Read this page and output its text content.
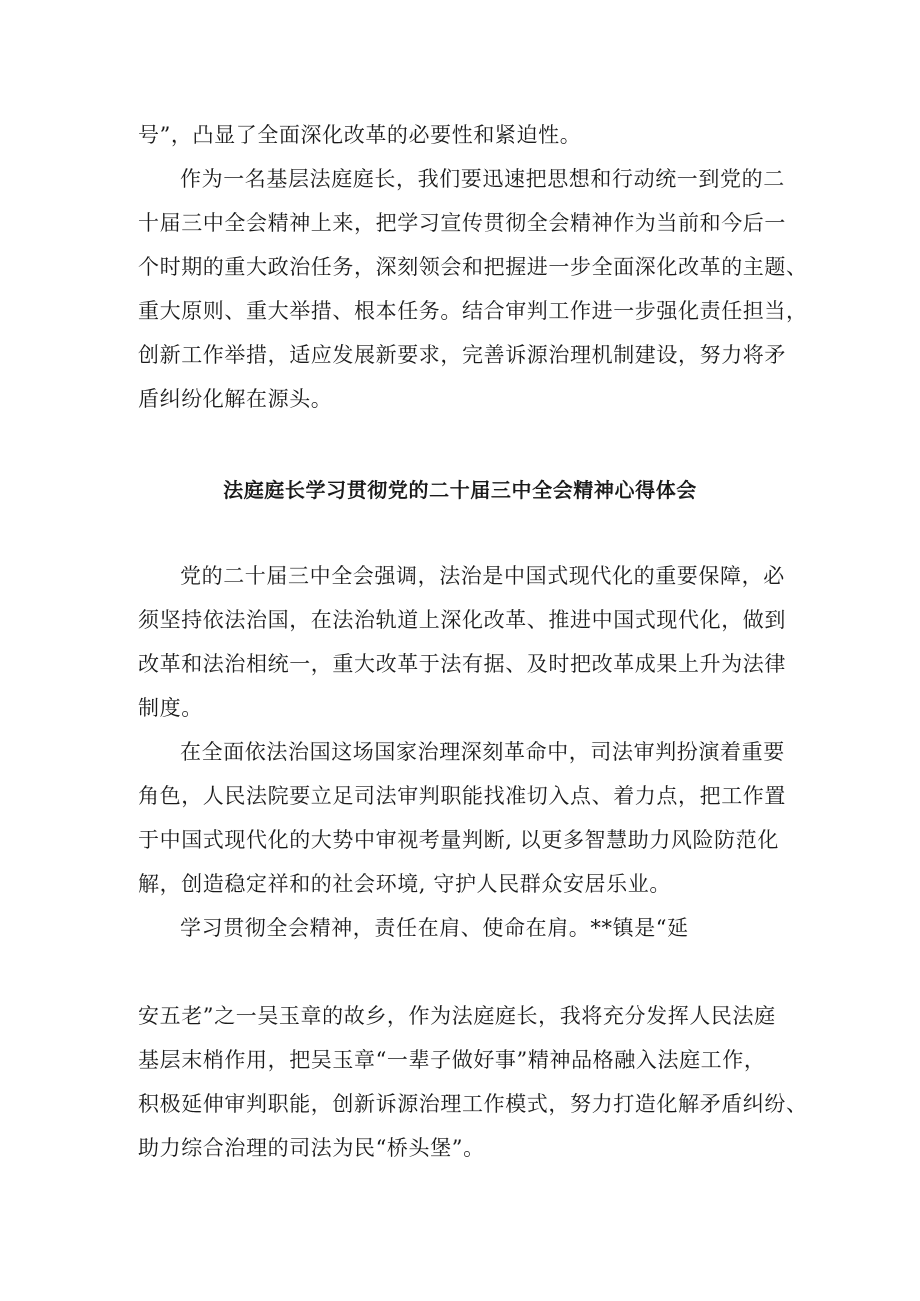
号”，凸显了全面深化改革的必要性和紧迫性。
作为一名基层法庭庭长，我们要迅速把思想和行动统一到党的二
十届三中全会精神上来，把学习宣传贯彻全会精神作为当前和今后一
个时期的重大政治任务，深刻领会和把握进一步全面深化改革的主题、
重大原则、重大举措、根本任务。结合审判工作进一步强化责任担当，
创新工作举措，适应发展新要求，完善诉源治理机制建设，努力将矛
盾纠纷化解在源头。
法庭庭长学习贯彻党的二十届三中全会精神心得体会
党的二十届三中全会强调，法治是中国式现代化的重要保障，必
须坚持依法治国，在法治轨道上深化改革、推进中国式现代化，做到
改革和法治相统一，重大改革于法有据、及时把改革成果上升为法律
制度。
在全面依法治国这场国家治理深刻革命中，司法审判扮演着重要
角色，人民法院要立足司法审判职能找准切入点、着力点，把工作置
于中国式现代化的大势中审视考量判断, 以更多智慧助力风险防范化
解，创造稳定祥和的社会环境, 守护人民群众安居乐业。
学习贯彻全会精神，责任在肩、使命在肩。**镇是“延
安五老”之一吴玉章的故乡，作为法庭庭长，我将充分发挥人民法庭
基层末梢作用，把吴玉章“一辈子做好事”精神品格融入法庭工作，
积极延伸审判职能，创新诉源治理工作模式，努力打造化解矛盾纠纷、
助力综合治理的司法为民“桥头堡”。
